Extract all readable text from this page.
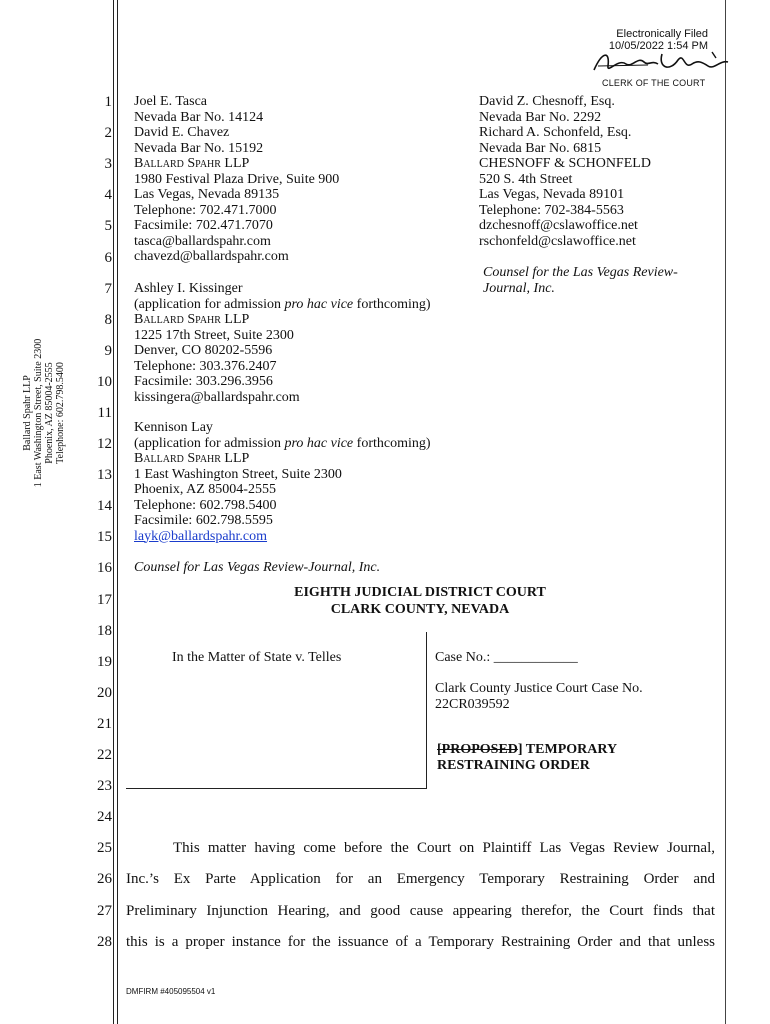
Electronically Filed
10/05/2022 1:54 PM
CLERK OF THE COURT
1
2
3
4
5
6
7
8
9
10
11
12
13
14
15
16
17
18
19
20
21
22
23
24
25
26
27
28
Ballard Spahr LLP 1 East Washington Street, Suite 2300 Phoenix, AZ 85004-2555 Telephone: 602.798.5400
Joel E. Tasca
Nevada Bar No. 14124
David E. Chavez
Nevada Bar No. 15192
Ballard Spahr LLP
1980 Festival Plaza Drive, Suite 900
Las Vegas, Nevada 89135
Telephone: 702.471.7000
Facsimile: 702.471.7070
tasca@ballardspahr.com
chavezd@ballardspahr.com
Ashley I. Kissinger
(application for admission pro hac vice forthcoming)
Ballard Spahr LLP
1225 17th Street, Suite 2300
Denver, CO 80202-5596
Telephone: 303.376.2407
Facsimile: 303.296.3956
kissingera@ballardspahr.com
Kennison Lay
(application for admission pro hac vice forthcoming)
Ballard Spahr LLP
1 East Washington Street, Suite 2300
Phoenix, AZ 85004-2555
Telephone: 602.798.5400
Facsimile: 602.798.5595
layk@ballardspahr.com
Counsel for Las Vegas Review-Journal, Inc.
David Z. Chesnoff, Esq.
Nevada Bar No. 2292
Richard A. Schonfeld, Esq.
Nevada Bar No. 6815
CHESNOFF & SCHONFELD
520 S. 4th Street
Las Vegas, Nevada 89101
Telephone: 702-384-5563
dzchesnoff@cslawoffice.net
rschonfeld@cslawoffice.net
Counsel for the Las Vegas Review-
Journal, Inc.
EIGHTH JUDICIAL DISTRICT COURT
CLARK COUNTY, NEVADA
In the Matter of State v. Telles	Case No.: ____________
Clark County Justice Court Case No.
22CR039592
[PROPOSED] TEMPORARY
RESTRAINING ORDER
This matter having come before the Court on Plaintiff Las Vegas Review Journal,
Inc.’s Ex Parte Application for an Emergency Temporary Restraining Order and
Preliminary Injunction Hearing, and good cause appearing therefor, the Court finds that
this is a proper instance for the issuance of a Temporary Restraining Order and that unless
DMFIRM #405095504 v1
